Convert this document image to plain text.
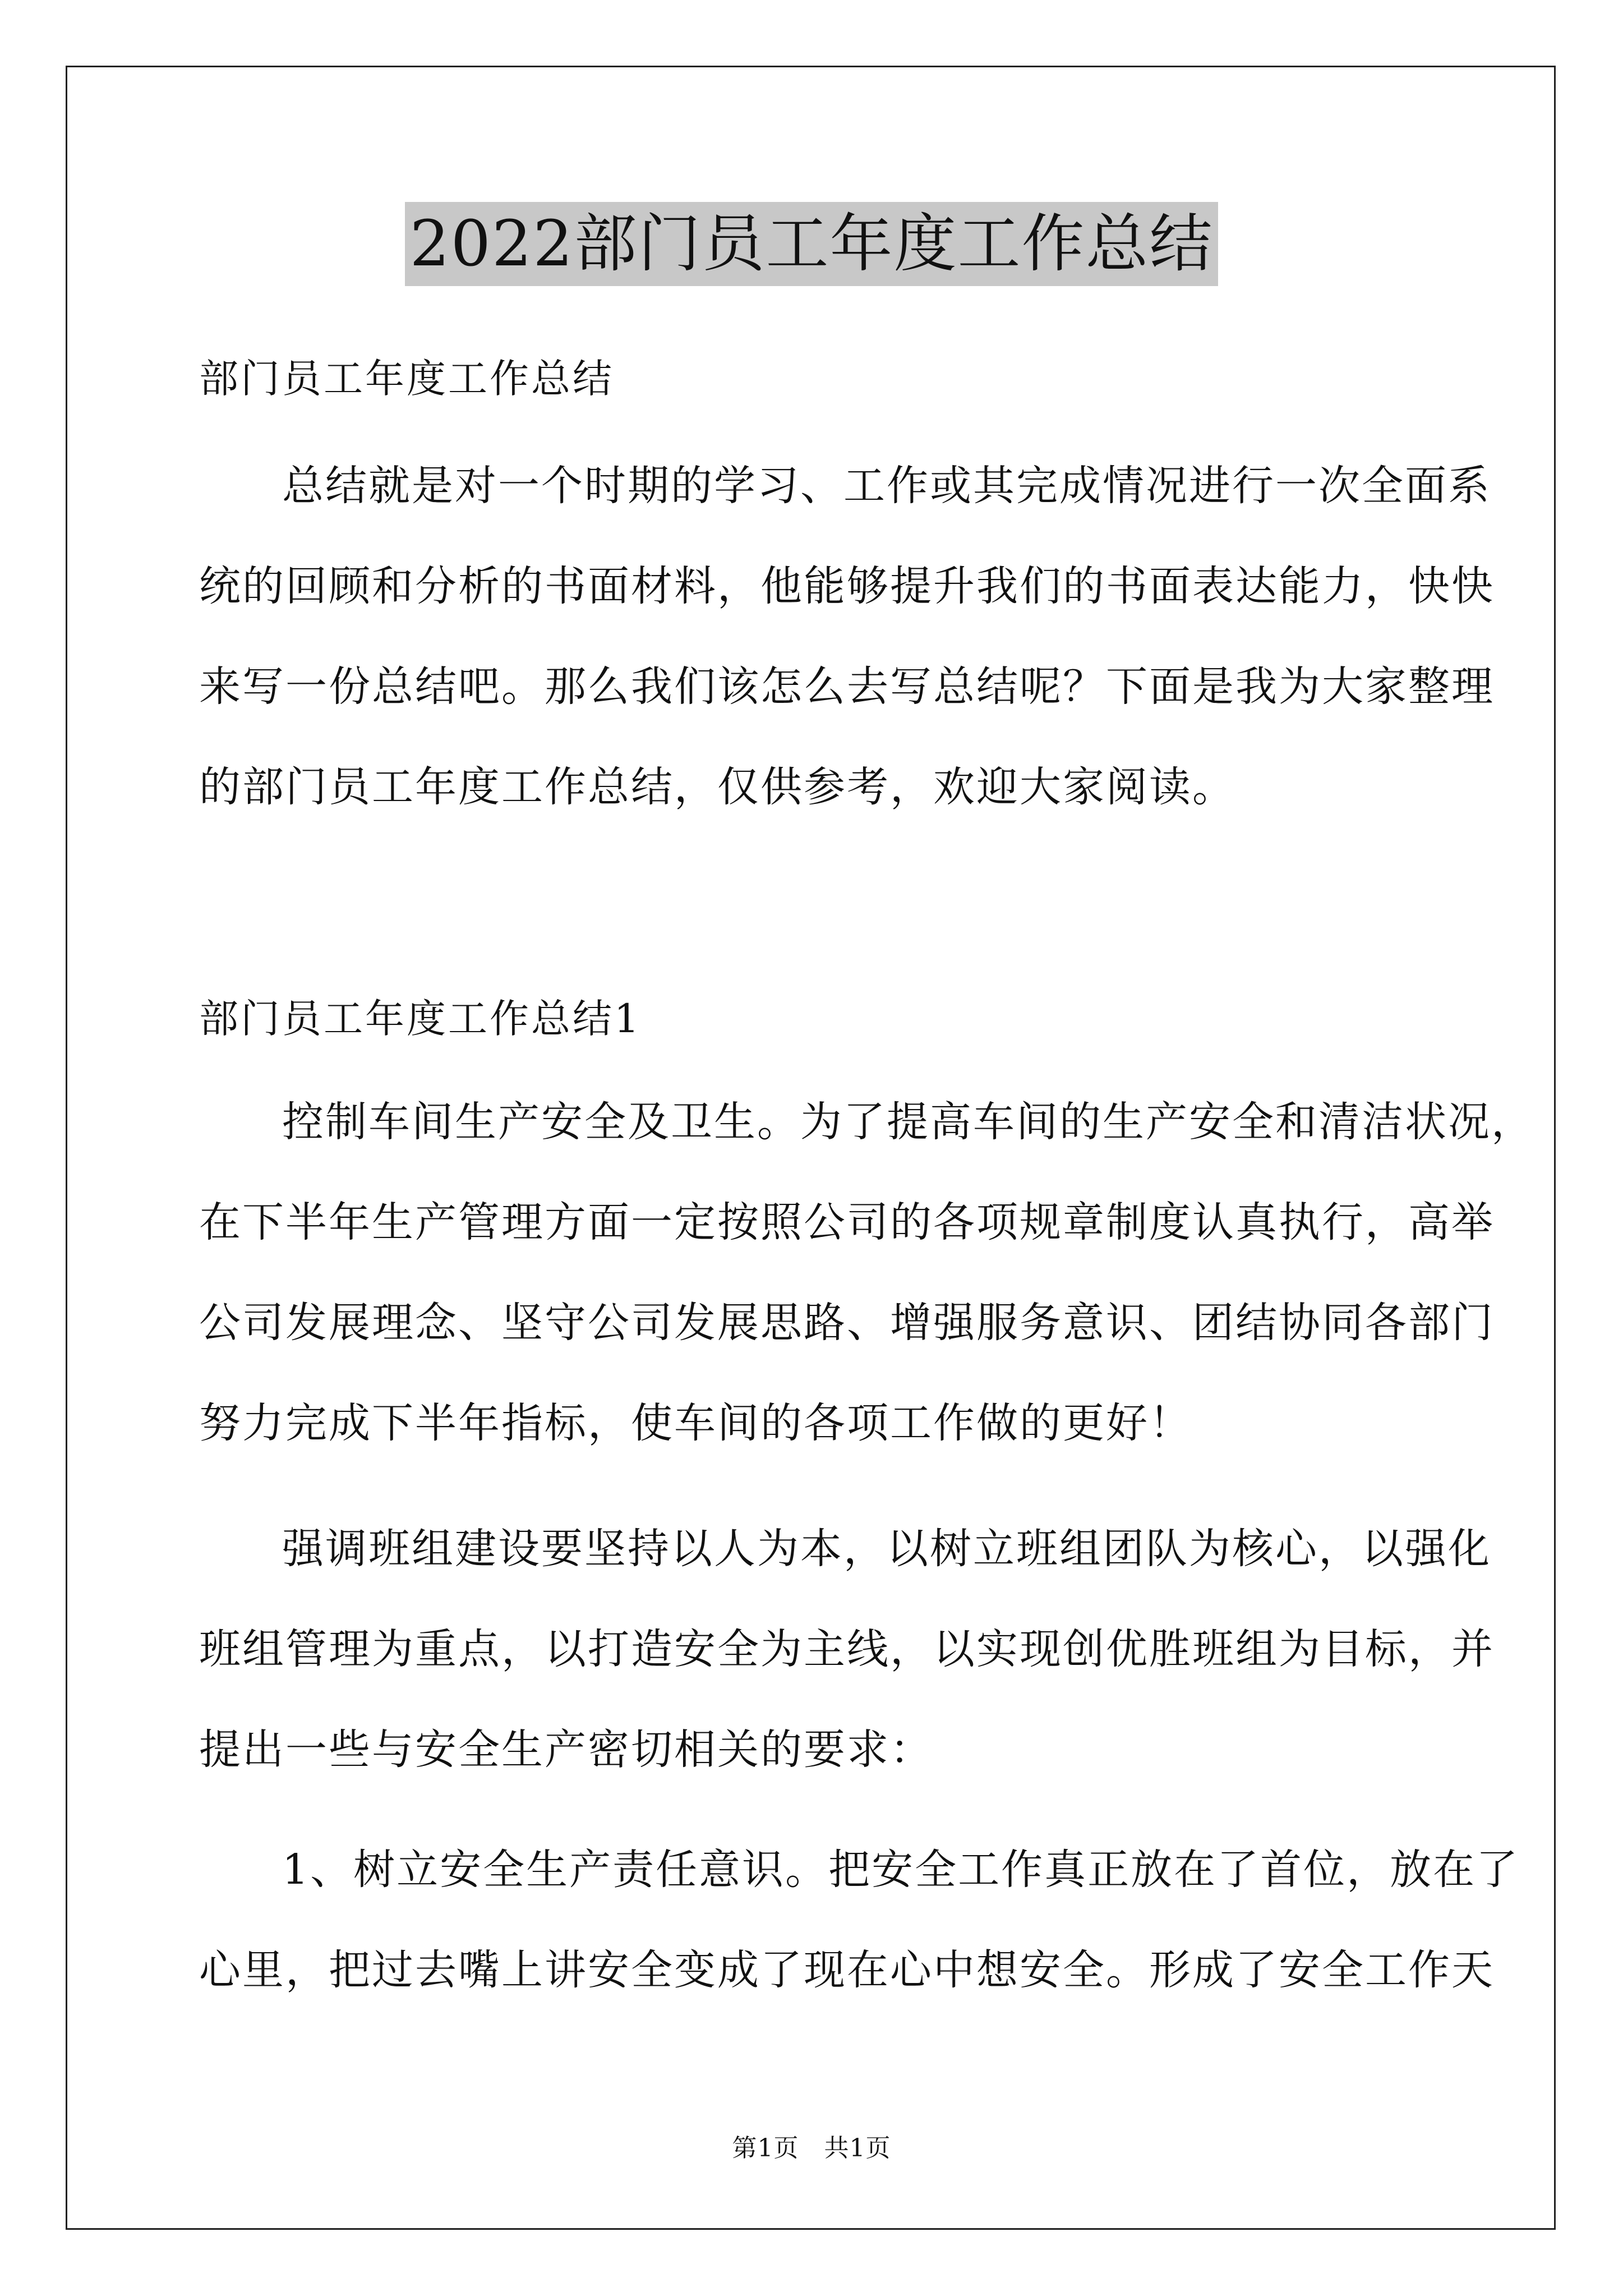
2022部门员工年度工作总结
部门员工年度工作总结
总结就是对一个时期的学习、工作或其完成情况进行一次全面系
统的回顾和分析的书面材料，他能够提升我们的书面表达能力，快快
来写一份总结吧。那么我们该怎么去写总结呢？下面是我为大家整理
的部门员工年度工作总结，仅供参考，欢迎大家阅读。
部门员工年度工作总结1
控制车间生产安全及卫生。为了提高车间的生产安全和清洁状况，
在下半年生产管理方面一定按照公司的各项规章制度认真执行，高举
公司发展理念、坚守公司发展思路、增强服务意识、团结协同各部门
努力完成下半年指标，使车间的各项工作做的更好！
强调班组建设要坚持以人为本，以树立班组团队为核心，以强化
班组管理为重点，以打造安全为主线，以实现创优胜班组为目标，并
提出一些与安全生产密切相关的要求：
1、树立安全生产责任意识。把安全工作真正放在了首位，放在了
心里，把过去嘴上讲安全变成了现在心中想安全。形成了安全工作天
第1页　共1页
